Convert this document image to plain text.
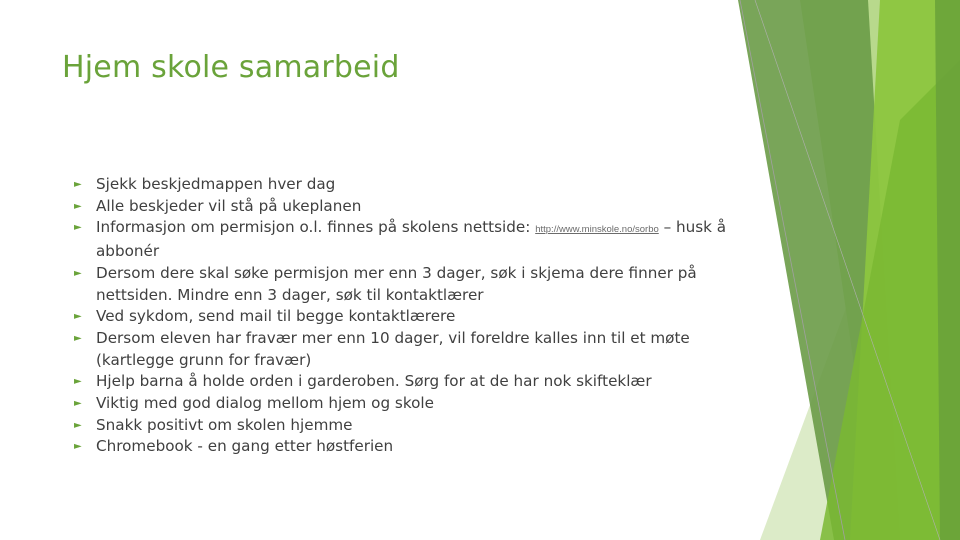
Hjem skole samarbeid
► Sjekk beskjedmappen hver dag
► Alle beskjeder vil stå på ukeplanen
► Informasjon om permisjon o.l. finnes på skolens nettside: http://www.minskole.no/sorbo – husk å abbonér
► Dersom dere skal søke permisjon mer enn 3 dager, søk i skjema dere finner på nettsiden. Mindre enn 3 dager, søk til kontaktlærer
► Ved sykdom, send mail til begge kontaktlærere
► Dersom eleven har fravær mer enn 10 dager, vil foreldre kalles inn til et møte (kartlegge grunn for fravær)
► Hjelp barna å holde orden i garderoben. Sørg for at de har nok skifteklær
► Viktig med god dialog mellom hjem og skole
► Snakk positivt om skolen hjemme
► Chromebook - en gang etter høstferien
